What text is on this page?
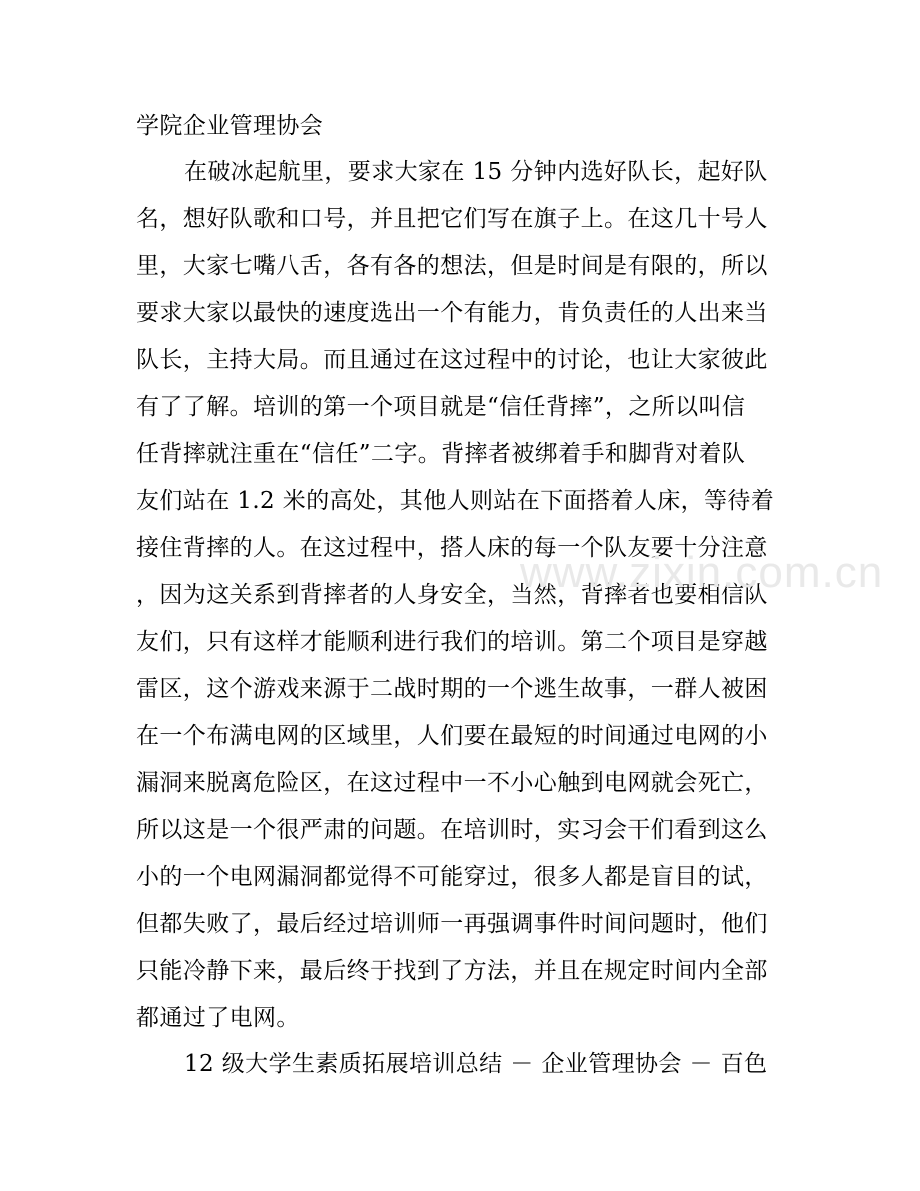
学院企业管理协会
在破冰起航里，要求大家在 15 分钟内选好队长，起好队
名，想好队歌和口号，并且把它们写在旗子上。在这几十号人
里，大家七嘴八舌，各有各的想法，但是时间是有限的，所以
要求大家以最快的速度选出一个有能力，肯负责任的人出来当
队长，主持大局。而且通过在这过程中的讨论，也让大家彼此
有了了解。培训的第一个项目就是“信任背摔”，之所以叫信
任背摔就注重在“信任”二字。背摔者被绑着手和脚背对着队
友们站在 1.2 米的高处，其他人则站在下面搭着人床，等待着
接住背摔的人。在这过程中，搭人床的每一个队友要十分注意
，因为这关系到背摔者的人身安全，当然，背摔者也要相信队
友们，只有这样才能顺利进行我们的培训。第二个项目是穿越
雷区，这个游戏来源于二战时期的一个逃生故事，一群人被困
在一个布满电网的区域里，人们要在最短的时间通过电网的小
漏洞来脱离危险区，在这过程中一不小心触到电网就会死亡，
所以这是一个很严肃的问题。在培训时，实习会干们看到这么
小的一个电网漏洞都觉得不可能穿过，很多人都是盲目的试，
但都失败了，最后经过培训师一再强调事件时间问题时，他们
只能冷静下来，最后终于找到了方法，并且在规定时间内全部
都通过了电网。
12 级大学生素质拓展培训总结 － 企业管理协会 － 百色
www.zixin.com.cn
